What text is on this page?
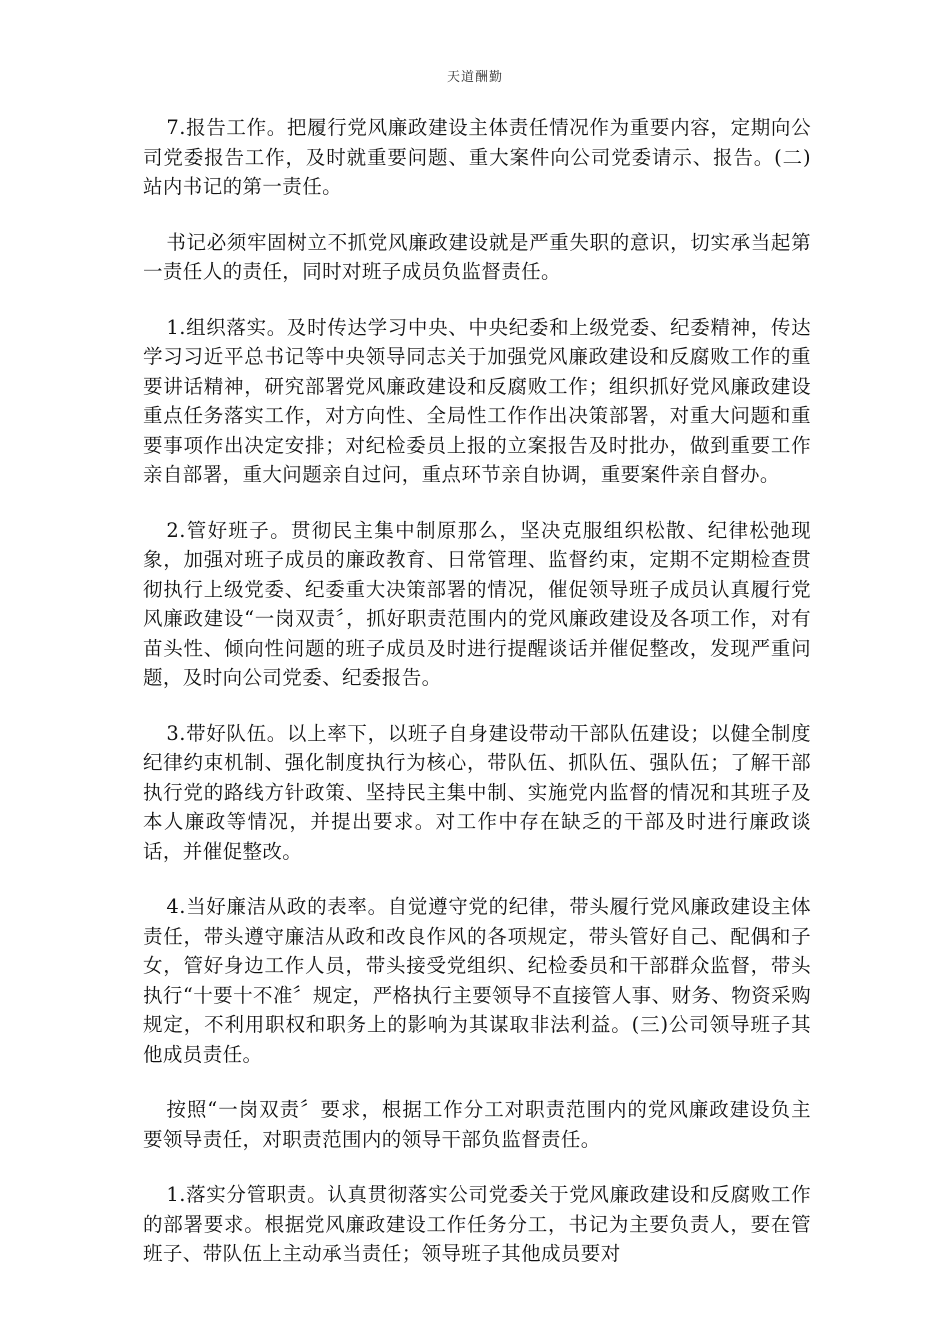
天道酬勤

7.报告工作。把履行党风廉政建设主体责任情况作为重要内容，定期向公司党委报告工作，及时就重要问题、重大案件向公司党委请示、报告。(二)站内书记的第一责任。

书记必须牢固树立不抓党风廉政建设就是严重失职的意识，切实承当起第一责任人的责任，同时对班子成员负监督责任。

1.组织落实。及时传达学习中央、中央纪委和上级党委、纪委精神，传达学习习近平总书记等中央领导同志关于加强党风廉政建设和反腐败工作的重要讲话精神，研究部署党风廉政建设和反腐败工作；组织抓好党风廉政建设重点任务落实工作，对方向性、全局性工作作出决策部署，对重大问题和重要事项作出决定安排；对纪检委员上报的立案报告及时批办，做到重要工作亲自部署，重大问题亲自过问，重点环节亲自协调，重要案件亲自督办。

2.管好班子。贯彻民主集中制原那么，坚决克服组织松散、纪律松弛现象，加强对班子成员的廉政教育、日常管理、监督约束，定期不定期检查贯彻执行上级党委、纪委重大决策部署的情况，催促领导班子成员认真履行党风廉政建设“一岗双责〞，抓好职责范围内的党风廉政建设及各项工作，对有苗头性、倾向性问题的班子成员及时进行提醒谈话并催促整改，发现严重问题，及时向公司党委、纪委报告。

3.带好队伍。以上率下，以班子自身建设带动干部队伍建设；以健全制度纪律约束机制、强化制度执行为核心，带队伍、抓队伍、强队伍；了解干部执行党的路线方针政策、坚持民主集中制、实施党内监督的情况和其班子及本人廉政等情况，并提出要求。对工作中存在缺乏的干部及时进行廉政谈话，并催促整改。

4.当好廉洁从政的表率。自觉遵守党的纪律，带头履行党风廉政建设主体责任，带头遵守廉洁从政和改良作风的各项规定，带头管好自己、配偶和子女，管好身边工作人员，带头接受党组织、纪检委员和干部群众监督，带头执行“十要十不准〞规定，严格执行主要领导不直接管人事、财务、物资采购规定，不利用职权和职务上的影响为其谋取非法利益。(三)公司领导班子其他成员责任。

按照“一岗双责〞要求，根据工作分工对职责范围内的党风廉政建设负主要领导责任，对职责范围内的领导干部负监督责任。

1.落实分管职责。认真贯彻落实公司党委关于党风廉政建设和反腐败工作的部署要求。根据党风廉政建设工作任务分工，书记为主要负责人，要在管班子、带队伍上主动承当责任；领导班子其他成员要对
